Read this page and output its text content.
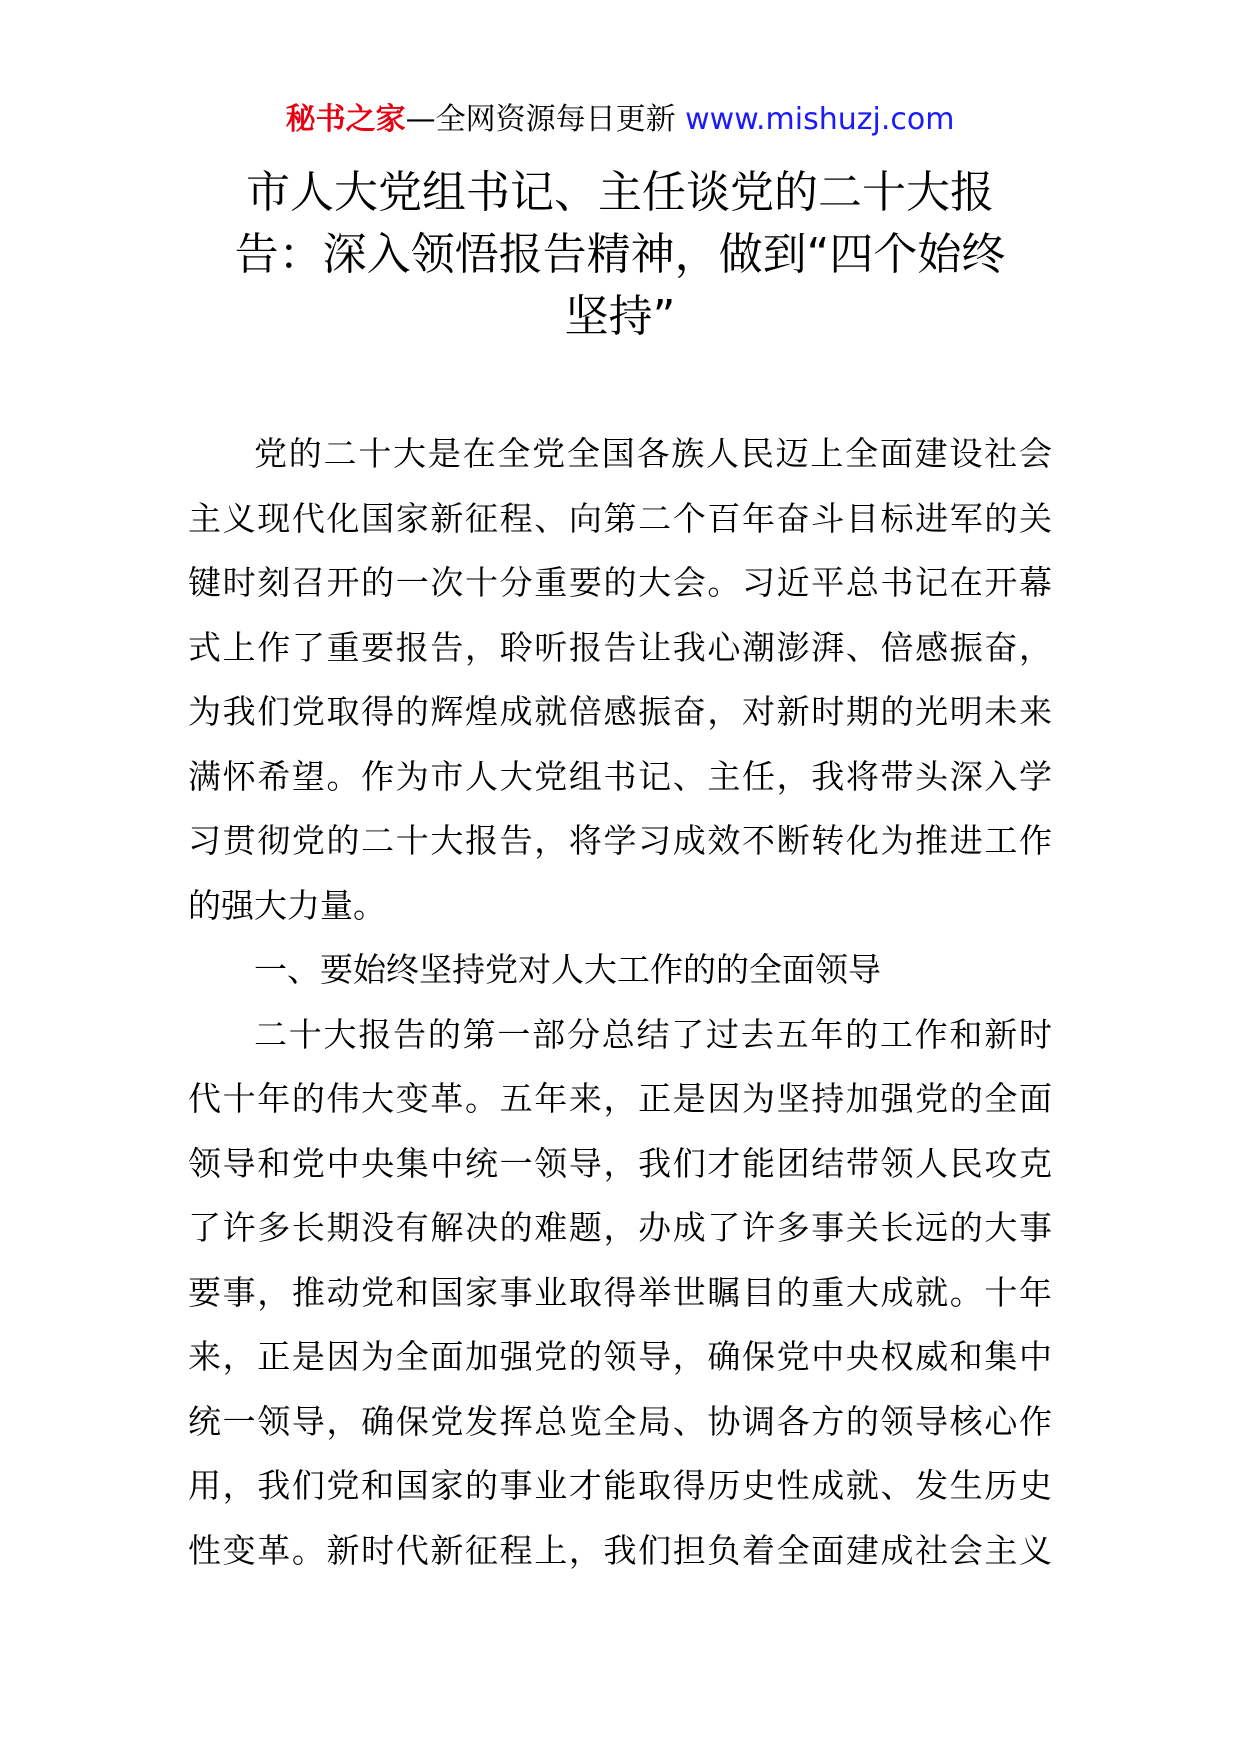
秘书之家—全网资源每日更新 www.mishuzj.com
市人大党组书记、主任谈党的二十大报
告：深入领悟报告精神，做到“四个始终
坚持”
党的二十大是在全党全国各族人民迈上全面建设社会
主义现代化国家新征程、向第二个百年奋斗目标进军的关
键时刻召开的一次十分重要的大会。习近平总书记在开幕
式上作了重要报告，聆听报告让我心潮澎湃、倍感振奋，
为我们党取得的辉煌成就倍感振奋，对新时期的光明未来
满怀希望。作为市人大党组书记、主任，我将带头深入学
习贯彻党的二十大报告，将学习成效不断转化为推进工作
的强大力量。
一、要始终坚持党对人大工作的的全面领导
二十大报告的第一部分总结了过去五年的工作和新时
代十年的伟大变革。五年来，正是因为坚持加强党的全面
领导和党中央集中统一领导，我们才能团结带领人民攻克
了许多长期没有解决的难题，办成了许多事关长远的大事
要事，推动党和国家事业取得举世瞩目的重大成就。十年
来，正是因为全面加强党的领导，确保党中央权威和集中
统一领导，确保党发挥总览全局、协调各方的领导核心作
用，我们党和国家的事业才能取得历史性成就、发生历史
性变革。新时代新征程上，我们担负着全面建成社会主义
